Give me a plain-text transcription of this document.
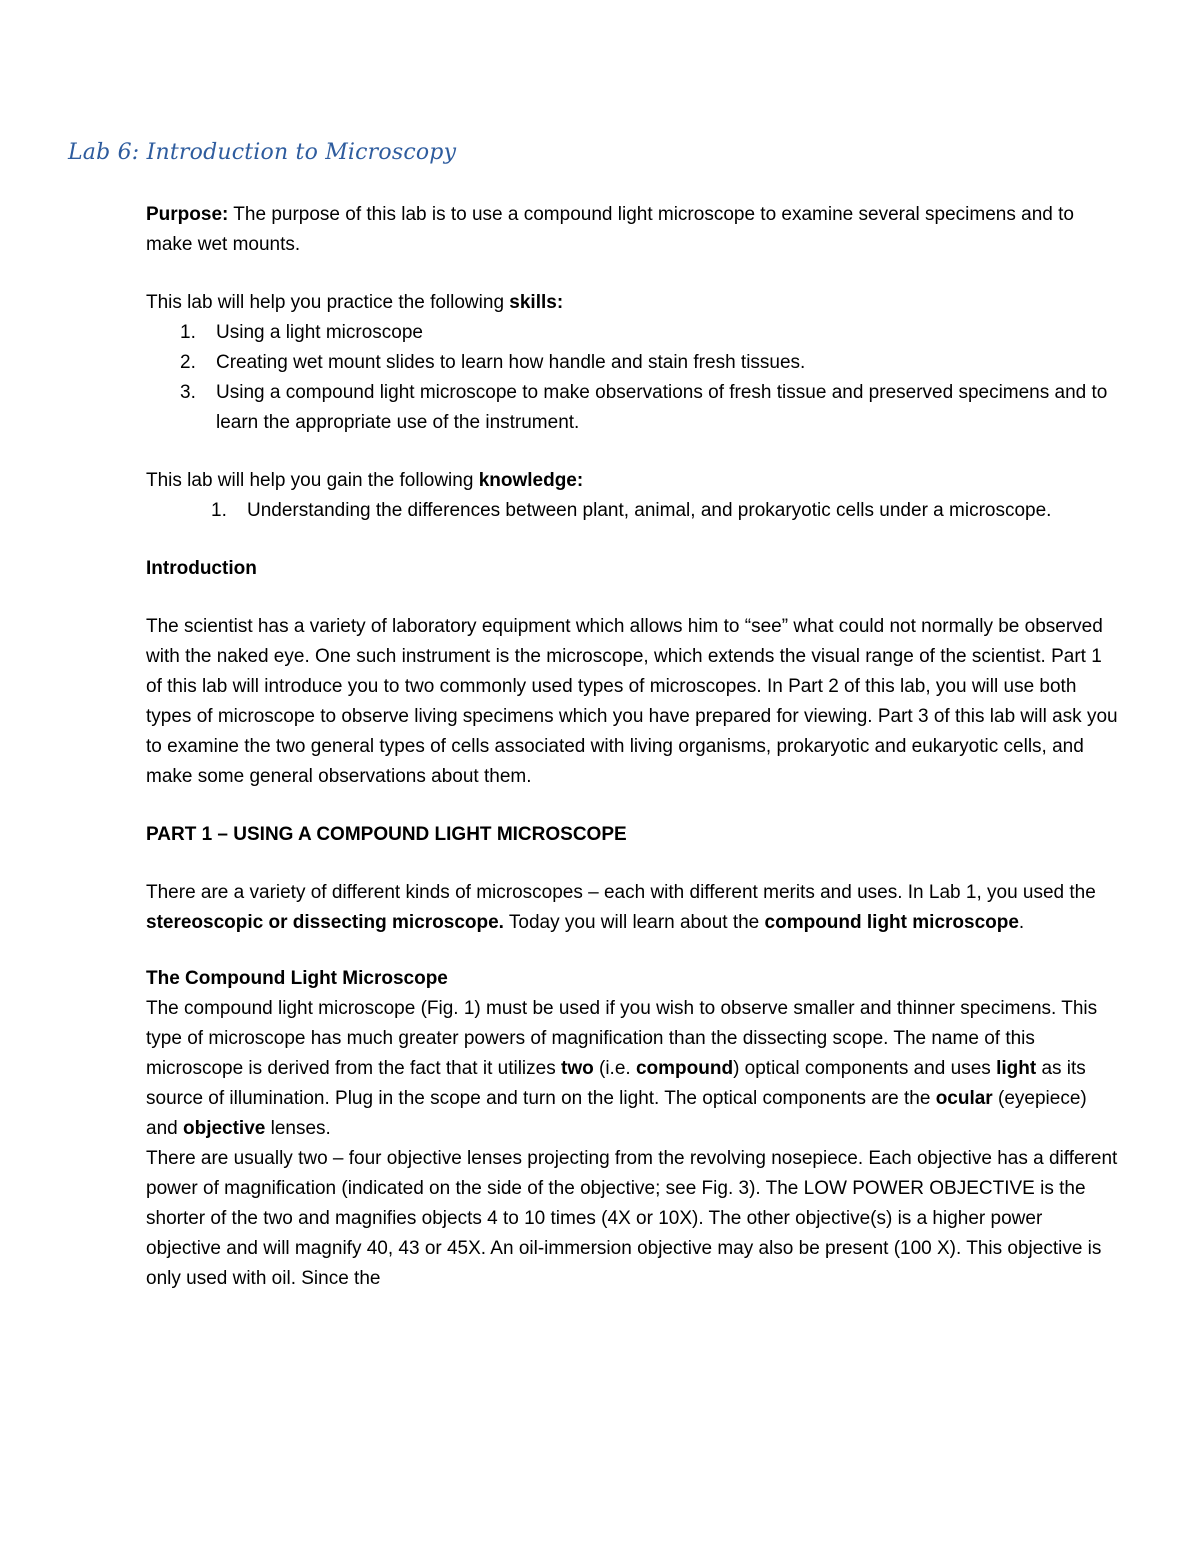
Lab 6: Introduction to Microscopy

Purpose: The purpose of this lab is to use a compound light microscope to examine several specimens and to make wet mounts.

This lab will help you practice the following skills:

1. Using a light microscope
2. Creating wet mount slides to learn how handle and stain fresh tissues.
3. Using a compound light microscope to make observations of fresh tissue and preserved specimens and to learn the appropriate use of the instrument.

This lab will help you gain the following knowledge:

1. Understanding the differences between plant, animal, and prokaryotic cells under a microscope.

Introduction

The scientist has a variety of laboratory equipment which allows him to “see” what could not normally be observed with the naked eye. One such instrument is the microscope, which extends the visual range of the scientist. Part 1 of this lab will introduce you to two commonly used types of microscopes. In Part 2 of this lab, you will use both types of microscope to observe living specimens which you have prepared for viewing. Part 3 of this lab will ask you to examine the two general types of cells associated with living organisms, prokaryotic and eukaryotic cells, and make some general observations about them.

PART 1 – USING A COMPOUND LIGHT MICROSCOPE

There are a variety of different kinds of microscopes – each with different merits and uses. In Lab 1, you used the stereoscopic or dissecting microscope. Today you will learn about the compound light microscope.

The Compound Light Microscope

The compound light microscope (Fig. 1) must be used if you wish to observe smaller and thinner specimens. This type of microscope has much greater powers of magnification than the dissecting scope. The name of this microscope is derived from the fact that it utilizes two (i.e. compound) optical components and uses light as its source of illumination. Plug in the scope and turn on the light. The optical components are the ocular (eyepiece) and objective lenses.

There are usually two – four objective lenses projecting from the revolving nosepiece. Each objective has a different power of magnification (indicated on the side of the objective; see Fig. 3). The LOW POWER OBJECTIVE is the shorter of the two and magnifies objects 4 to 10 times (4X or 10X). The other objective(s) is a higher power objective and will magnify 40, 43 or 45X. An oil-immersion objective may also be present (100 X). This objective is only used with oil. Since the
